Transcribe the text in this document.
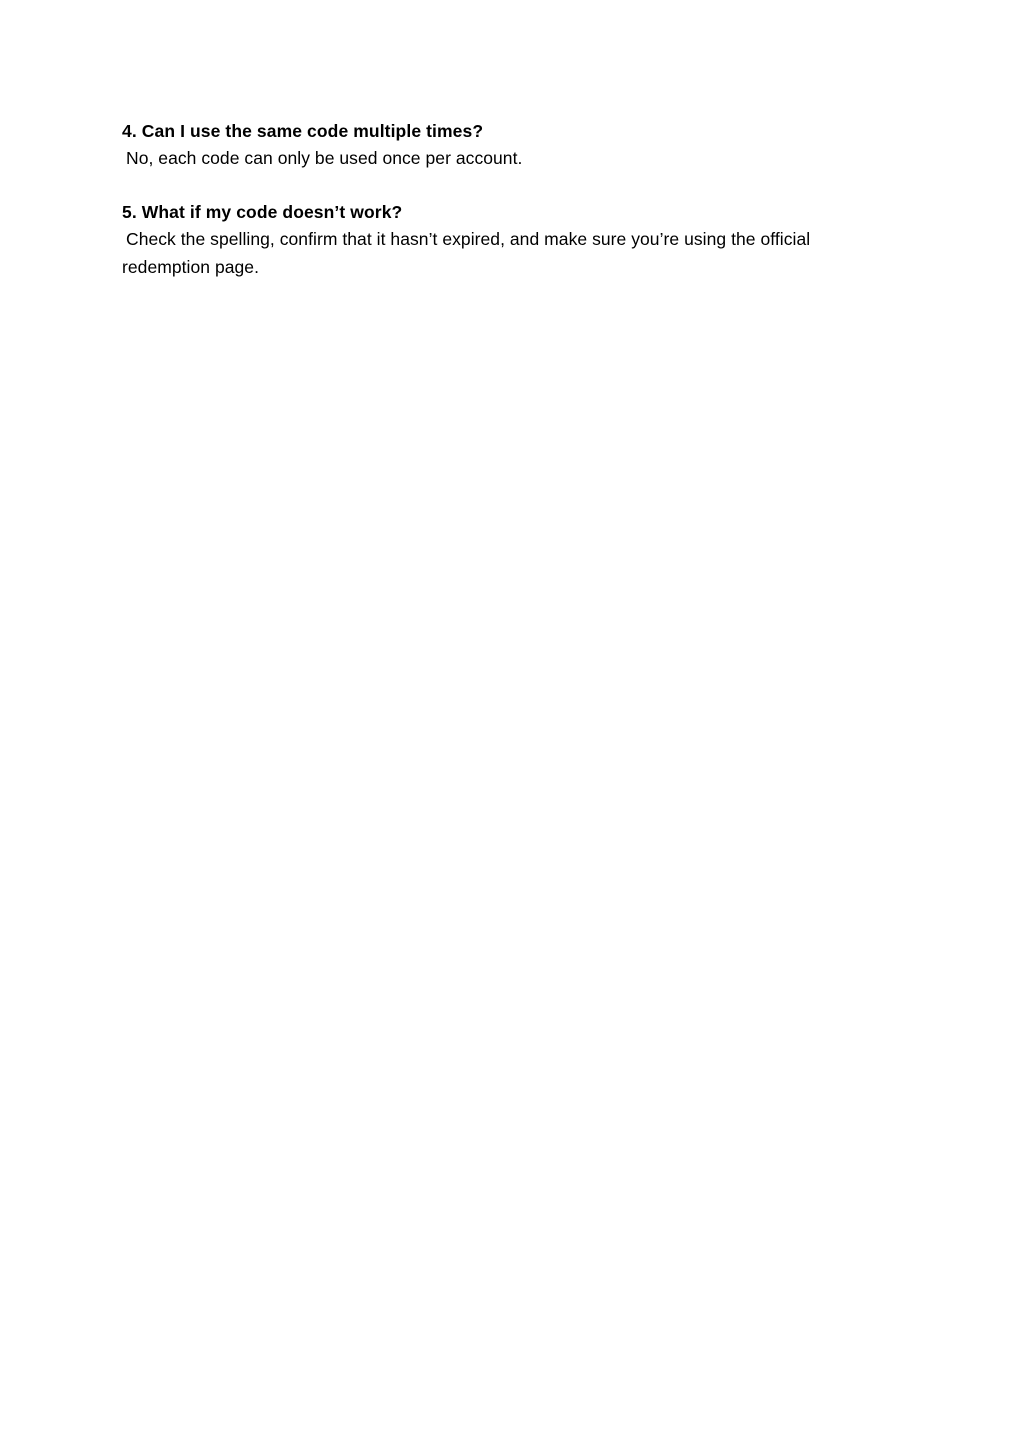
4. Can I use the same code multiple times?

No, each code can only be used once per account.

5. What if my code doesn’t work?

Check the spelling, confirm that it hasn’t expired, and make sure you’re using the official redemption page.
